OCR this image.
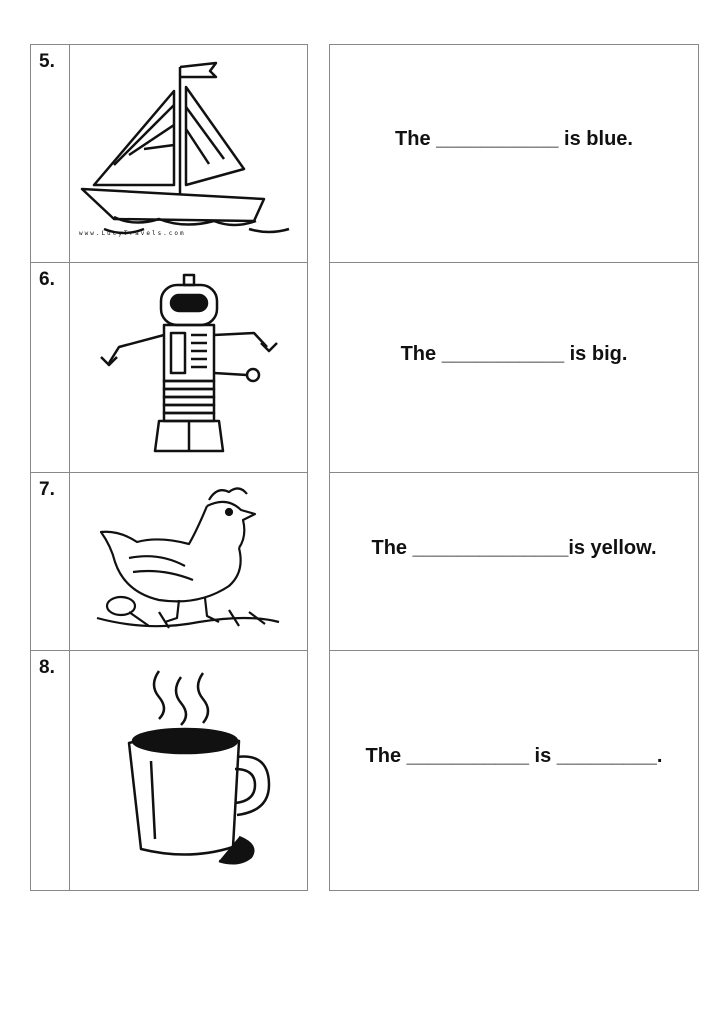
5.
6.
7.
8.
www.LucyTravels.com
The ___________ is blue.
The ___________ is big.
The ______________is yellow.
The ___________ is _________.
